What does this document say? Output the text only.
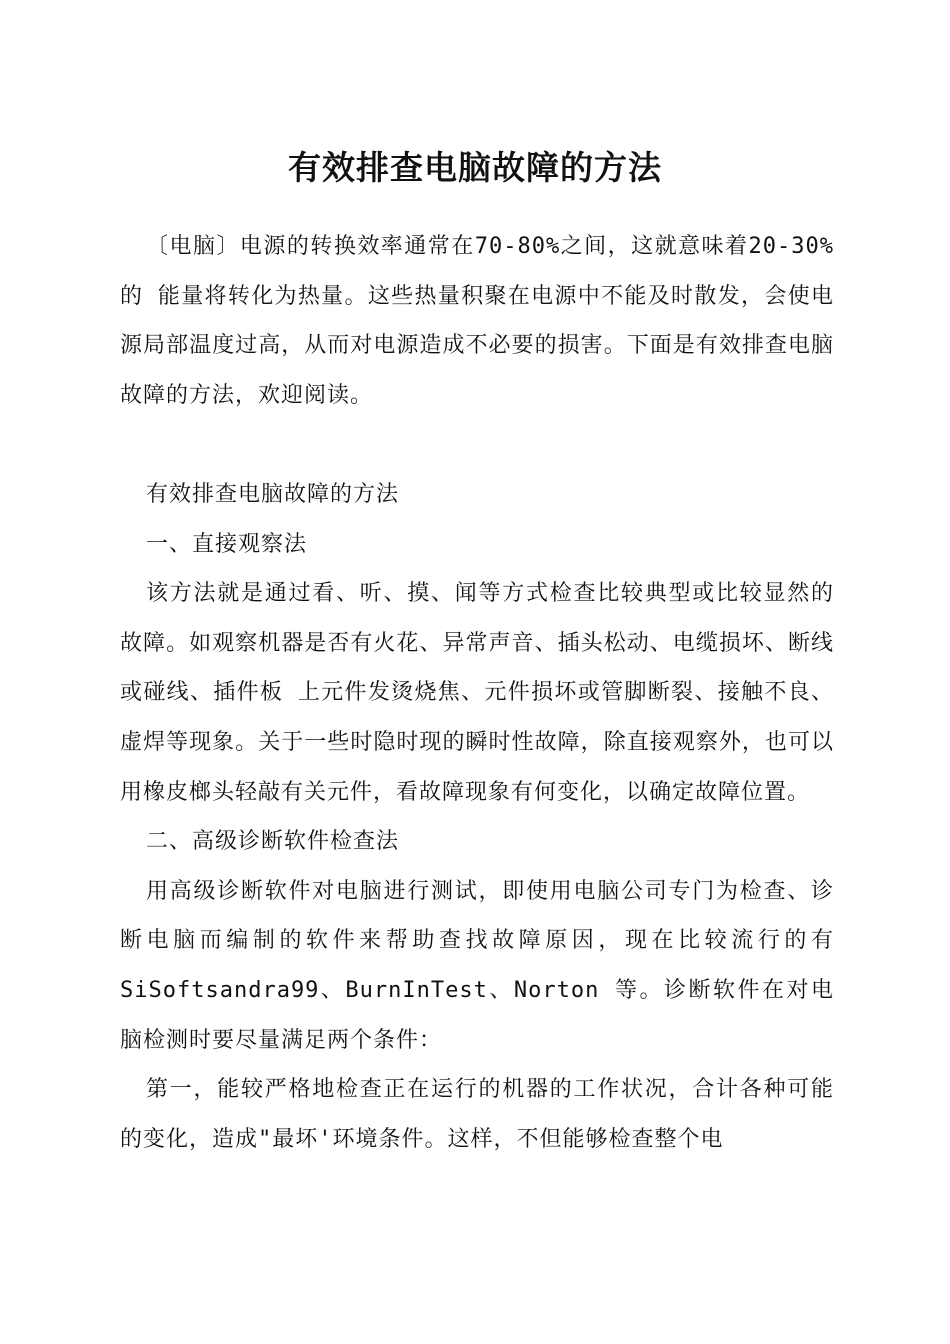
有效排查电脑故障的方法

〔电脑〕电源的转换效率通常在70-80%之间，这就意味着20-30%的 能量将转化为热量。这些热量积聚在电源中不能及时散发，会使电源局部温度过高，从而对电源造成不必要的损害。下面是有效排查电脑故障的方法，欢迎阅读。

有效排查电脑故障的方法

一、直接观察法

该方法就是通过看、听、摸、闻等方式检查比较典型或比较显然的故障。如观察机器是否有火花、异常声音、插头松动、电缆损坏、断线或碰线、插件板 上元件发烫烧焦、元件损坏或管脚断裂、接触不良、虚焊等现象。关于一些时隐时现的瞬时性故障，除直接观察外，也可以用橡皮榔头轻敲有关元件，看故障现象有何变化，以确定故障位置。

二、高级诊断软件检查法

用高级诊断软件对电脑进行测试，即使用电脑公司专门为检查、诊断电脑而编制的软件来帮助查找故障原因，现在比较流行的有SiSoftsandra99、BurnInTest、Norton 等。诊断软件在对电脑检测时要尽量满足两个条件：

第一，能较严格地检查正在运行的机器的工作状况，合计各种可能的变化，造成"最坏'环境条件。这样，不但能够检查整个电
